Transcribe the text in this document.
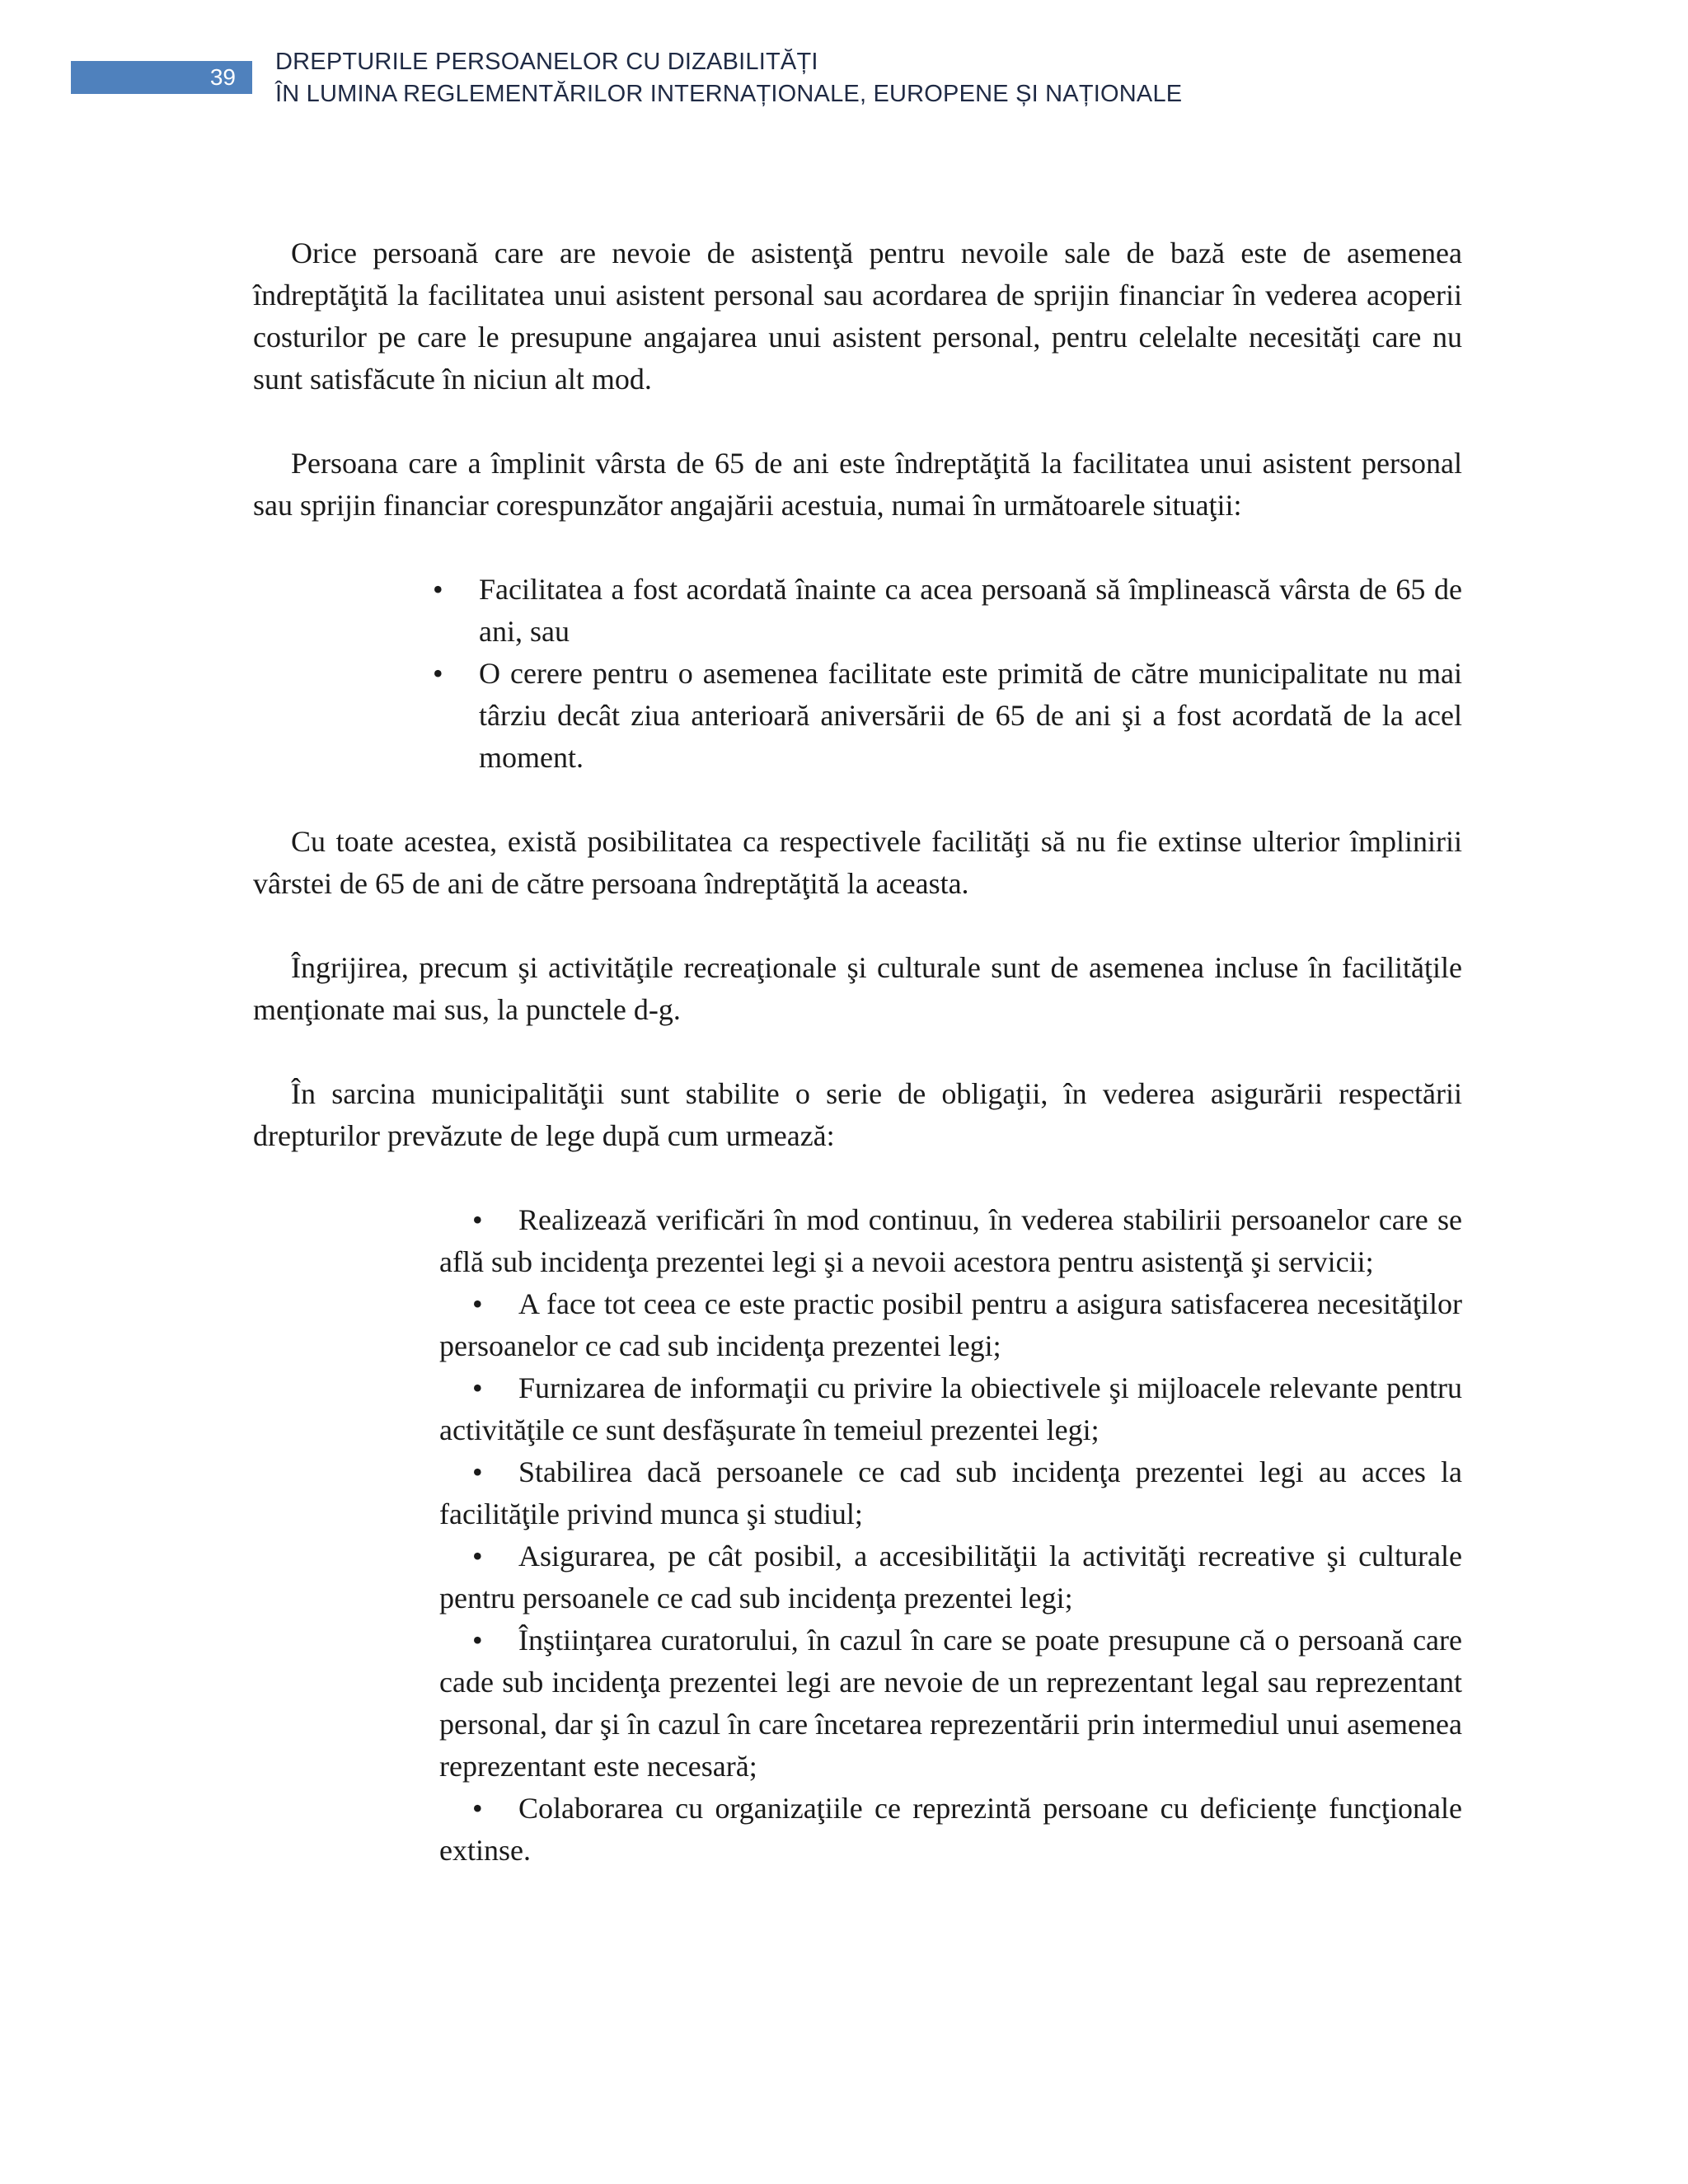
39
DREPTURILE PERSOANELOR CU DIZABILITĂȚI
ÎN LUMINA REGLEMENTĂRILOR INTERNAȚIONALE, EUROPENE ȘI NAȚIONALE

Orice persoană care are nevoie de asistenţă pentru nevoile sale de bază este de asemenea îndreptăţită la facilitatea unui asistent personal sau acordarea de sprijin financiar în vederea acoperii costurilor pe care le presupune angajarea unui asistent personal, pentru celelalte necesităţi care nu sunt satisfăcute în niciun alt mod.

Persoana care a împlinit vârsta de 65 de ani este îndreptăţită la facilitatea unui asistent personal sau sprijin financiar corespunzător angajării acestuia, numai în următoarele situaţii:

•	Facilitatea a fost acordată înainte ca acea persoană să împlinească vârsta de 65 de ani, sau
•	O cerere pentru o asemenea facilitate este primită de către municipalitate nu mai târziu decât ziua anterioară aniversării de 65 de ani şi a fost acordată de la acel moment.

Cu toate acestea, există posibilitatea ca respectivele facilităţi să nu fie extinse ulterior împlinirii vârstei de 65 de ani de către persoana îndreptăţită la aceasta.

Îngrijirea, precum şi activităţile recreaţionale şi culturale sunt de asemenea incluse în facilităţile menţionate mai sus, la punctele d-g.

În sarcina municipalităţii sunt stabilite o serie de obligaţii, în vederea asigurării respectării drepturilor prevăzute de lege după cum urmează:

• Realizează verificări în mod continuu, în vederea stabilirii persoanelor care se află sub incidenţa prezentei legi şi a nevoii acestora pentru asistenţă şi servicii;
• A face tot ceea ce este practic posibil pentru a asigura satisfacerea necesităţilor persoanelor ce cad sub incidenţa prezentei legi;
• Furnizarea de informaţii cu privire la obiectivele şi mijloacele relevante pentru activităţile ce sunt desfăşurate în temeiul prezentei legi;
• Stabilirea dacă persoanele ce cad sub incidenţa prezentei legi au acces la facilităţile privind munca şi studiul;
• Asigurarea, pe cât posibil, a accesibilităţii la activităţi recreative şi culturale pentru persoanele ce cad sub incidenţa prezentei legi;
• Înştiinţarea curatorului, în cazul în care se poate presupune că o persoană care cade sub incidenţa prezentei legi are nevoie de un reprezentant legal sau reprezentant personal, dar şi în cazul în care încetarea reprezentării prin intermediul unui asemenea reprezentant este necesară;
• Colaborarea cu organizaţiile ce reprezintă persoane cu deficienţe funcţionale extinse.
